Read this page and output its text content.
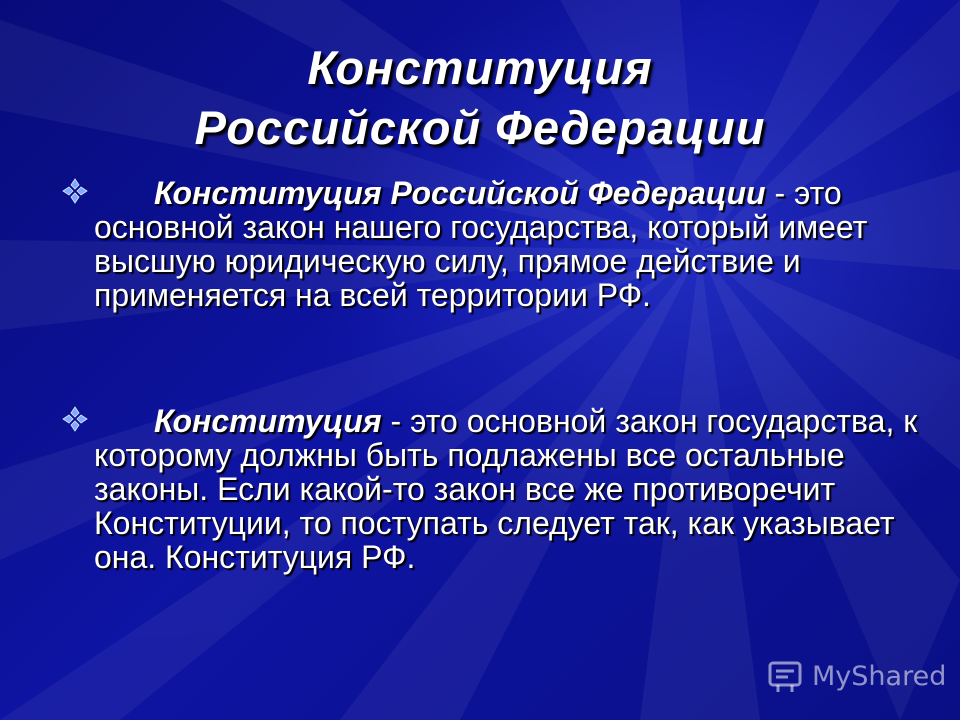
Конституция
Российской Федерации
Конституция Российской Федерации - это основной закон нашего государства, который имеет высшую юридическую силу, прямое действие и применяется на всей территории РФ.
Конституция - это основной закон государства, к которому должны быть подлажены все остальные законы. Если какой-то закон все же противоречит Конституции, то поступать следует так, как указывает она. Конституция РФ.
MyShared
